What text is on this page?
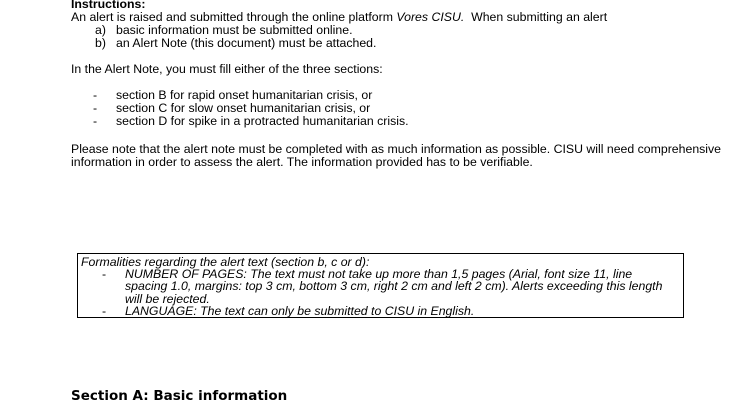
Instructions:

An alert is raised and submitted through the online platform Vores CISU.  When submitting an alert

a) basic information must be submitted online.
b) an Alert Note (this document) must be attached.

In the Alert Note, you must fill either of the three sections:

- section B for rapid onset humanitarian crisis, or
- section C for slow onset humanitarian crisis, or
- section D for spike in a protracted humanitarian crisis.

Please note that the alert note must be completed with as much information as possible. CISU will need comprehensive information in order to assess the alert. The information provided has to be verifiable.

Formalities regarding the alert text (section b, c or d):
- NUMBER OF PAGES: The text must not take up more than 1,5 pages (Arial, font size 11, line spacing 1.0, margins: top 3 cm, bottom 3 cm, right 2 cm and left 2 cm). Alerts exceeding this length will be rejected.
- LANGUAGE: The text can only be submitted to CISU in English.

Section A: Basic information
